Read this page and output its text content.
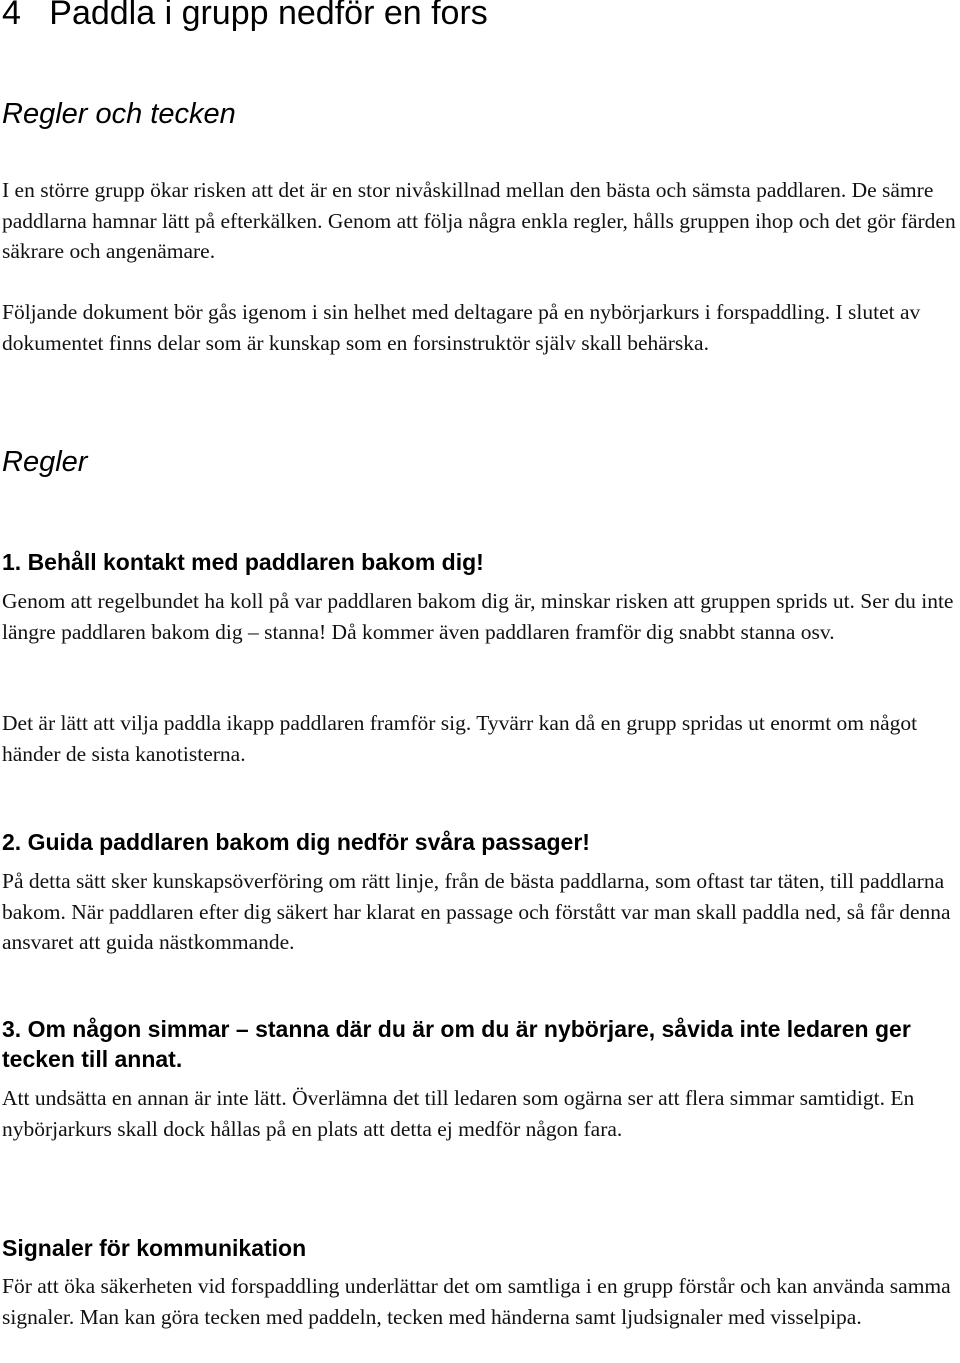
4 Paddla i grupp nedför en fors
Regler och tecken

I en större grupp ökar risken att det är en stor nivåskillnad mellan den bästa och sämsta paddlaren. De sämre paddlarna hamnar lätt på efterkälken. Genom att följa några enkla regler, hålls gruppen ihop och det gör färden säkrare och angenämare.

Följande dokument bör gås igenom i sin helhet med deltagare på en nybörjarkurs i forspaddling. I slutet av dokumentet finns delar som är kunskap som en forsinstruktör själv skall behärska.

Regler
1. Behåll kontakt med paddlaren bakom dig!

Genom att regelbundet ha koll på var paddlaren bakom dig är, minskar risken att gruppen sprids ut. Ser du inte längre paddlaren bakom dig – stanna! Då kommer även paddlaren framför dig snabbt stanna osv.

Det är lätt att vilja paddla ikapp paddlaren framför sig. Tyvärr kan då en grupp spridas ut enormt om något händer de sista kanotisterna.

2. Guida paddlaren bakom dig nedför svåra passager!

På detta sätt sker kunskapsöverföring om rätt linje, från de bästa paddlarna, som oftast tar täten, till paddlarna bakom. När paddlaren efter dig säkert har klarat en passage och förstått var man skall paddla ned, så får denna ansvaret att guida nästkommande.

3. Om någon simmar – stanna där du är om du är nybörjare, såvida inte ledaren ger tecken till annat.

Att undsätta en annan är inte lätt. Överlämna det till ledaren som ogärna ser att flera simmar samtidigt. En nybörjarkurs skall dock hållas på en plats att detta ej medför någon fara.

Signaler för kommunikation

För att öka säkerheten vid forspaddling underlättar det om samtliga i en grupp förstår och kan använda samma signaler. Man kan göra tecken med paddeln, tecken med händerna samt ljudsignaler med visselpipa.
